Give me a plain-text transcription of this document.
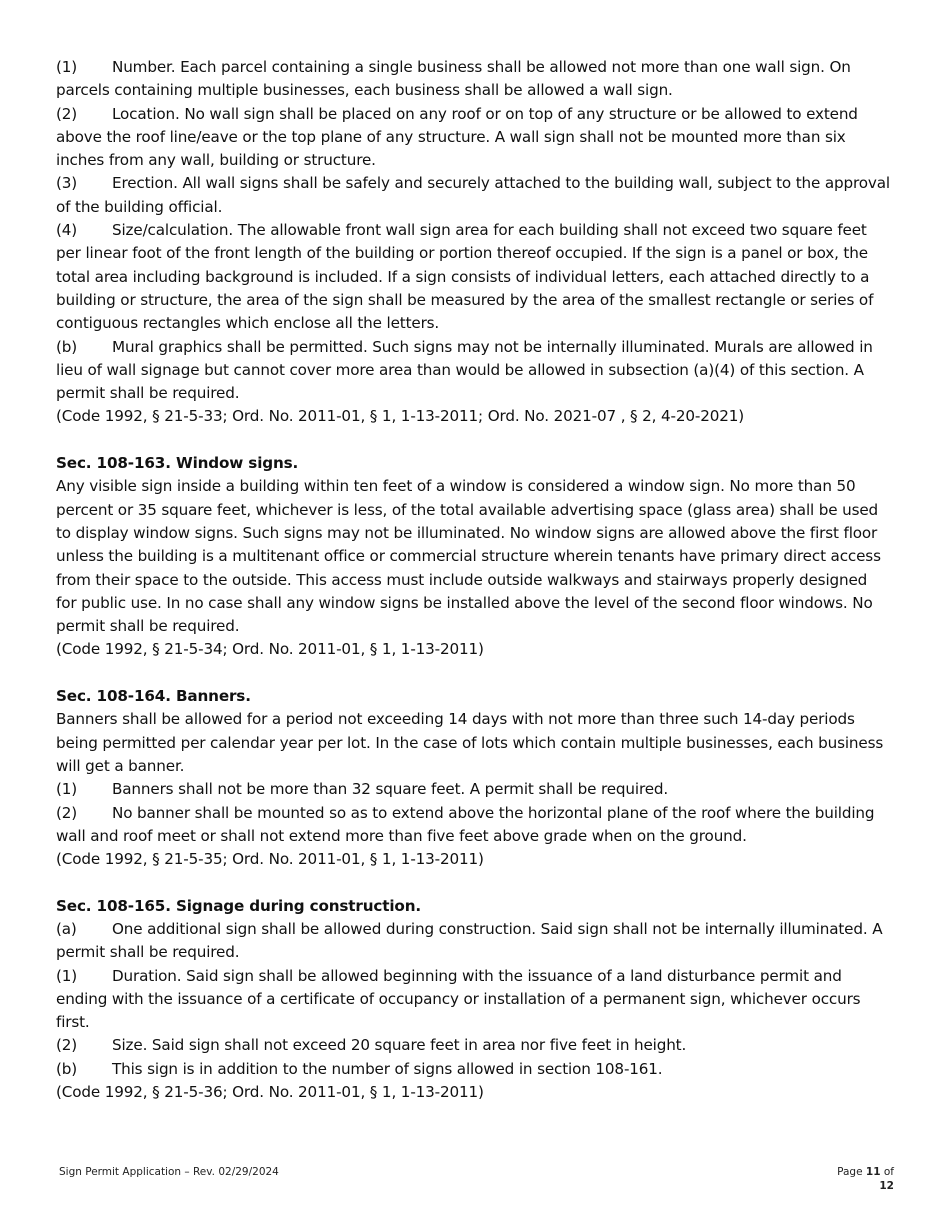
(1) Number. Each parcel containing a single business shall be allowed not more than one wall sign. On parcels containing multiple businesses, each business shall be allowed a wall sign.

(2) Location. No wall sign shall be placed on any roof or on top of any structure or be allowed to extend above the roof line/eave or the top plane of any structure. A wall sign shall not be mounted more than six inches from any wall, building or structure.

(3) Erection. All wall signs shall be safely and securely attached to the building wall, subject to the approval of the building official.

(4) Size/calculation. The allowable front wall sign area for each building shall not exceed two square feet per linear foot of the front length of the building or portion thereof occupied. If the sign is a panel or box, the total area including background is included. If a sign consists of individual letters, each attached directly to a building or structure, the area of the sign shall be measured by the area of the smallest rectangle or series of contiguous rectangles which enclose all the letters.

(b) Mural graphics shall be permitted. Such signs may not be internally illuminated. Murals are allowed in lieu of wall signage but cannot cover more area than would be allowed in subsection (a)(4) of this section. A permit shall be required.

(Code 1992, § 21-5-33; Ord. No. 2011-01, § 1, 1-13-2011; Ord. No. 2021-07 , § 2, 4-20-2021)

Sec. 108-163. Window signs.

Any visible sign inside a building within ten feet of a window is considered a window sign. No more than 50 percent or 35 square feet, whichever is less, of the total available advertising space (glass area) shall be used to display window signs. Such signs may not be illuminated. No window signs are allowed above the first floor unless the building is a multitenant office or commercial structure wherein tenants have primary direct access from their space to the outside. This access must include outside walkways and stairways properly designed for public use. In no case shall any window signs be installed above the level of the second floor windows. No permit shall be required.

(Code 1992, § 21-5-34; Ord. No. 2011-01, § 1, 1-13-2011)

Sec. 108-164. Banners.

Banners shall be allowed for a period not exceeding 14 days with not more than three such 14-day periods being permitted per calendar year per lot. In the case of lots which contain multiple businesses, each business will get a banner.

(1) Banners shall not be more than 32 square feet. A permit shall be required.

(2) No banner shall be mounted so as to extend above the horizontal plane of the roof where the building wall and roof meet or shall not extend more than five feet above grade when on the ground.

(Code 1992, § 21-5-35; Ord. No. 2011-01, § 1, 1-13-2011)

Sec. 108-165. Signage during construction.

(a) One additional sign shall be allowed during construction. Said sign shall not be internally illuminated. A permit shall be required.

(1) Duration. Said sign shall be allowed beginning with the issuance of a land disturbance permit and ending with the issuance of a certificate of occupancy or installation of a permanent sign, whichever occurs first.

(2) Size. Said sign shall not exceed 20 square feet in area nor five feet in height.

(b) This sign is in addition to the number of signs allowed in section 108-161.

(Code 1992, § 21-5-36; Ord. No. 2011-01, § 1, 1-13-2011)

Sign Permit Application – Rev. 02/29/2024	Page 11 of
12
